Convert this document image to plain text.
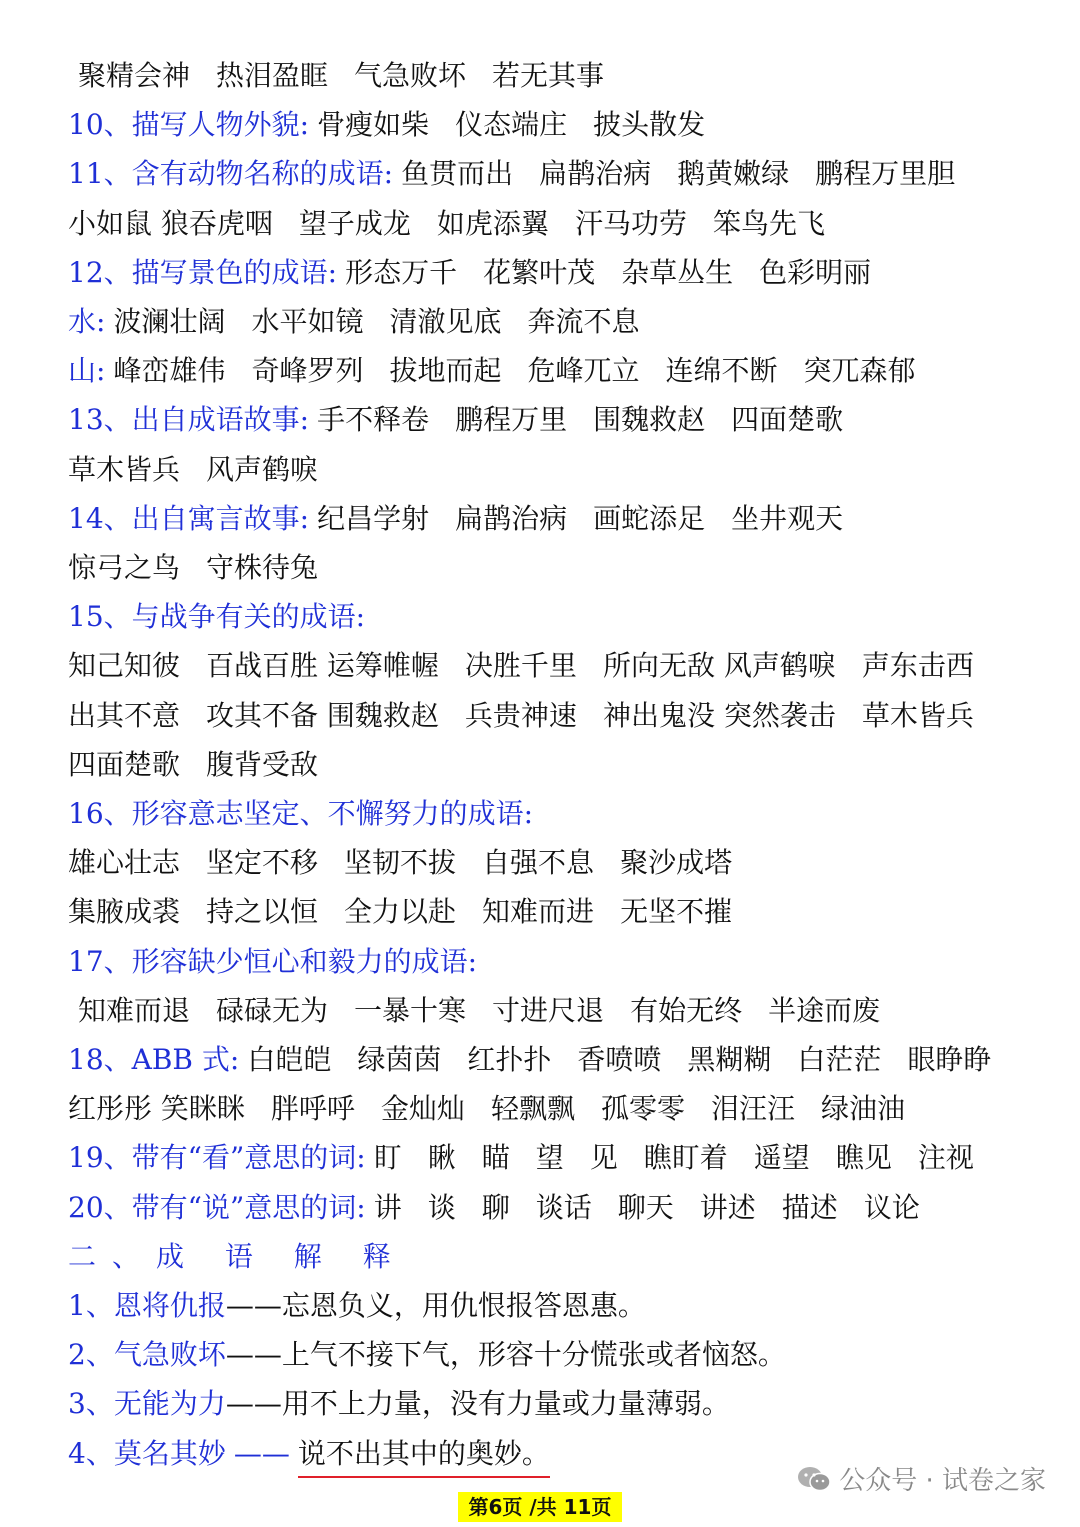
聚精会神 热泪盈眶 气急败坏 若无其事
10、描写人物外貌: 骨瘦如柴 仪态端庄 披头散发
11、含有动物名称的成语: 鱼贯而出 扁鹊治病 鹅黄嫩绿 鹏程万里胆
小如鼠 狼吞虎咽 望子成龙 如虎添翼 汗马功劳 笨鸟先飞
12、描写景色的成语: 形态万千 花繁叶茂 杂草丛生 色彩明丽
水: 波澜壮阔 水平如镜 清澈见底 奔流不息
山: 峰峦雄伟 奇峰罗列 拔地而起 危峰兀立 连绵不断 突兀森郁
13、出自成语故事: 手不释卷 鹏程万里 围魏救赵 四面楚歌
草木皆兵 风声鹤唳
14、出自寓言故事: 纪昌学射 扁鹊治病 画蛇添足 坐井观天
惊弓之鸟 守株待兔
15、与战争有关的成语:
知己知彼 百战百胜 运筹帷幄 决胜千里 所向无敌 风声鹤唳 声东击西
出其不意 攻其不备 围魏救赵 兵贵神速 神出鬼没 突然袭击 草木皆兵
四面楚歌 腹背受敌
16、形容意志坚定、不懈努力的成语:
雄心壮志 坚定不移 坚韧不拔 自强不息 聚沙成塔
集腋成裘 持之以恒 全力以赴 知难而进 无坚不摧
17、形容缺少恒心和毅力的成语:
知难而退 碌碌无为 一暴十寒 寸进尺退 有始无终 半途而废
18、ABB 式: 白皑皑 绿茵茵 红扑扑 香喷喷 黑糊糊 白茫茫 眼睁睁
红彤彤 笑眯眯 胖呼呼 金灿灿 轻飘飘 孤零零 泪汪汪 绿油油
19、带有“看”意思的词: 盯 瞅 瞄 望 见 瞧盯着 遥望 瞧见 注视
20、带有“说”意思的词: 讲 谈 聊 谈话 聊天 讲述 描述 议论
二、成 语 解 释
1、恩将仇报——忘恩负义，用仇恨报答恩惠。
2、气急败坏——上气不接下气，形容十分慌张或者恼怒。
3、无能为力——用不上力量，没有力量或力量薄弱。
4、莫名其妙 —— 说不出其中的奥妙。
第6页 /共 11页
公众号 · 试卷之家
